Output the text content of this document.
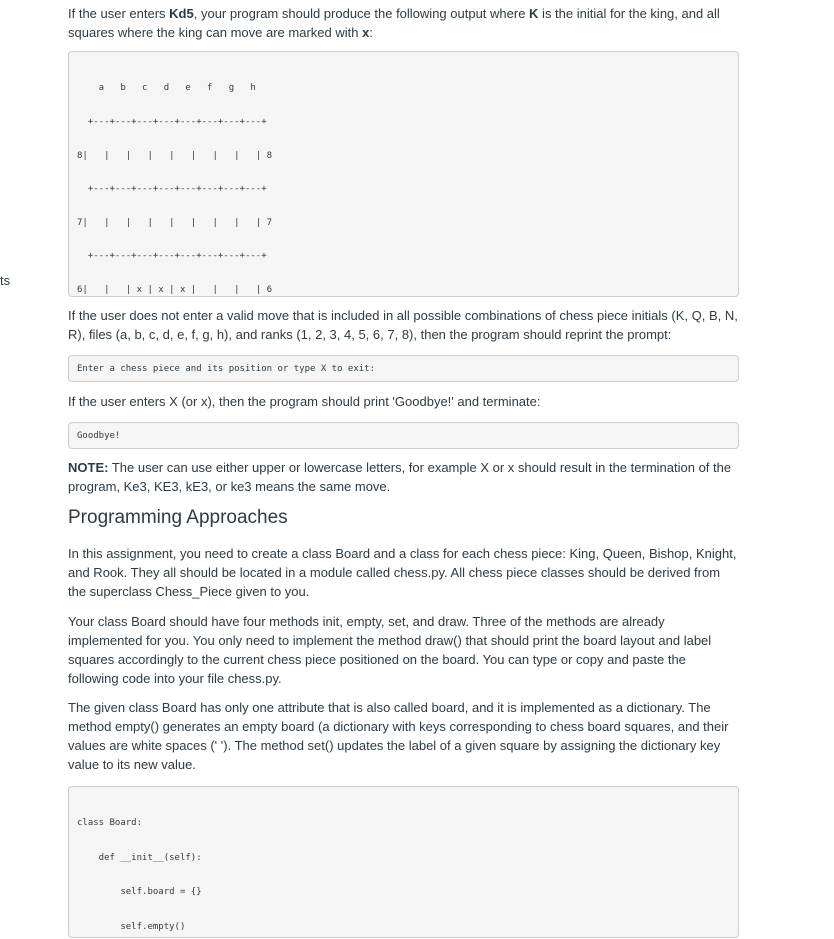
ts

If the user enters Kd5, your program should produce the following output where K is the initial for the king, and all squares where the king can move are marked with x:

a   b   c   d   e   f   g   h

+---+---+---+---+---+---+---+---+

8|   |   |   |   |   |   |   |   | 8

+---+---+---+---+---+---+---+---+

7|   |   |   |   |   |   |   |   | 7

+---+---+---+---+---+---+---+---+

6|   |   | x | x | x |   |   |   | 6

If the user does not enter a valid move that is included in all possible combinations of chess piece initials (K, Q, B, N, R), files (a, b, c, d, e, f, g, h), and ranks (1, 2, 3, 4, 5, 6, 7, 8), then the program should reprint the prompt:

Enter a chess piece and its position or type X to exit:

If the user enters X (or x), then the program should print 'Goodbye!' and terminate:

Goodbye!

NOTE: The user can use either upper or lowercase letters, for example X or x should result in the termination of the program, Ke3, KE3, kE3, or ke3 means the same move.

Programming Approaches

In this assignment, you need to create a class Board and a class for each chess piece: King, Queen, Bishop, Knight, and Rook. They all should be located in a module called chess.py. All chess piece classes should be derived from the superclass Chess_Piece given to you.

Your class Board should have four methods init, empty, set, and draw. Three of the methods are already implemented for you. You only need to implement the method draw() that should print the board layout and label squares accordingly to the current chess piece positioned on the board. You can type or copy and paste the following code into your file chess.py.

The given class Board has only one attribute that is also called board, and it is implemented as a dictionary. The method empty() generates an empty board (a dictionary with keys corresponding to chess board squares, and their values are white spaces (' '). The method set() updates the label of a given square by assigning the dictionary key value to its new value.

class Board:

def __init__(self):

self.board = {}

self.empty()
